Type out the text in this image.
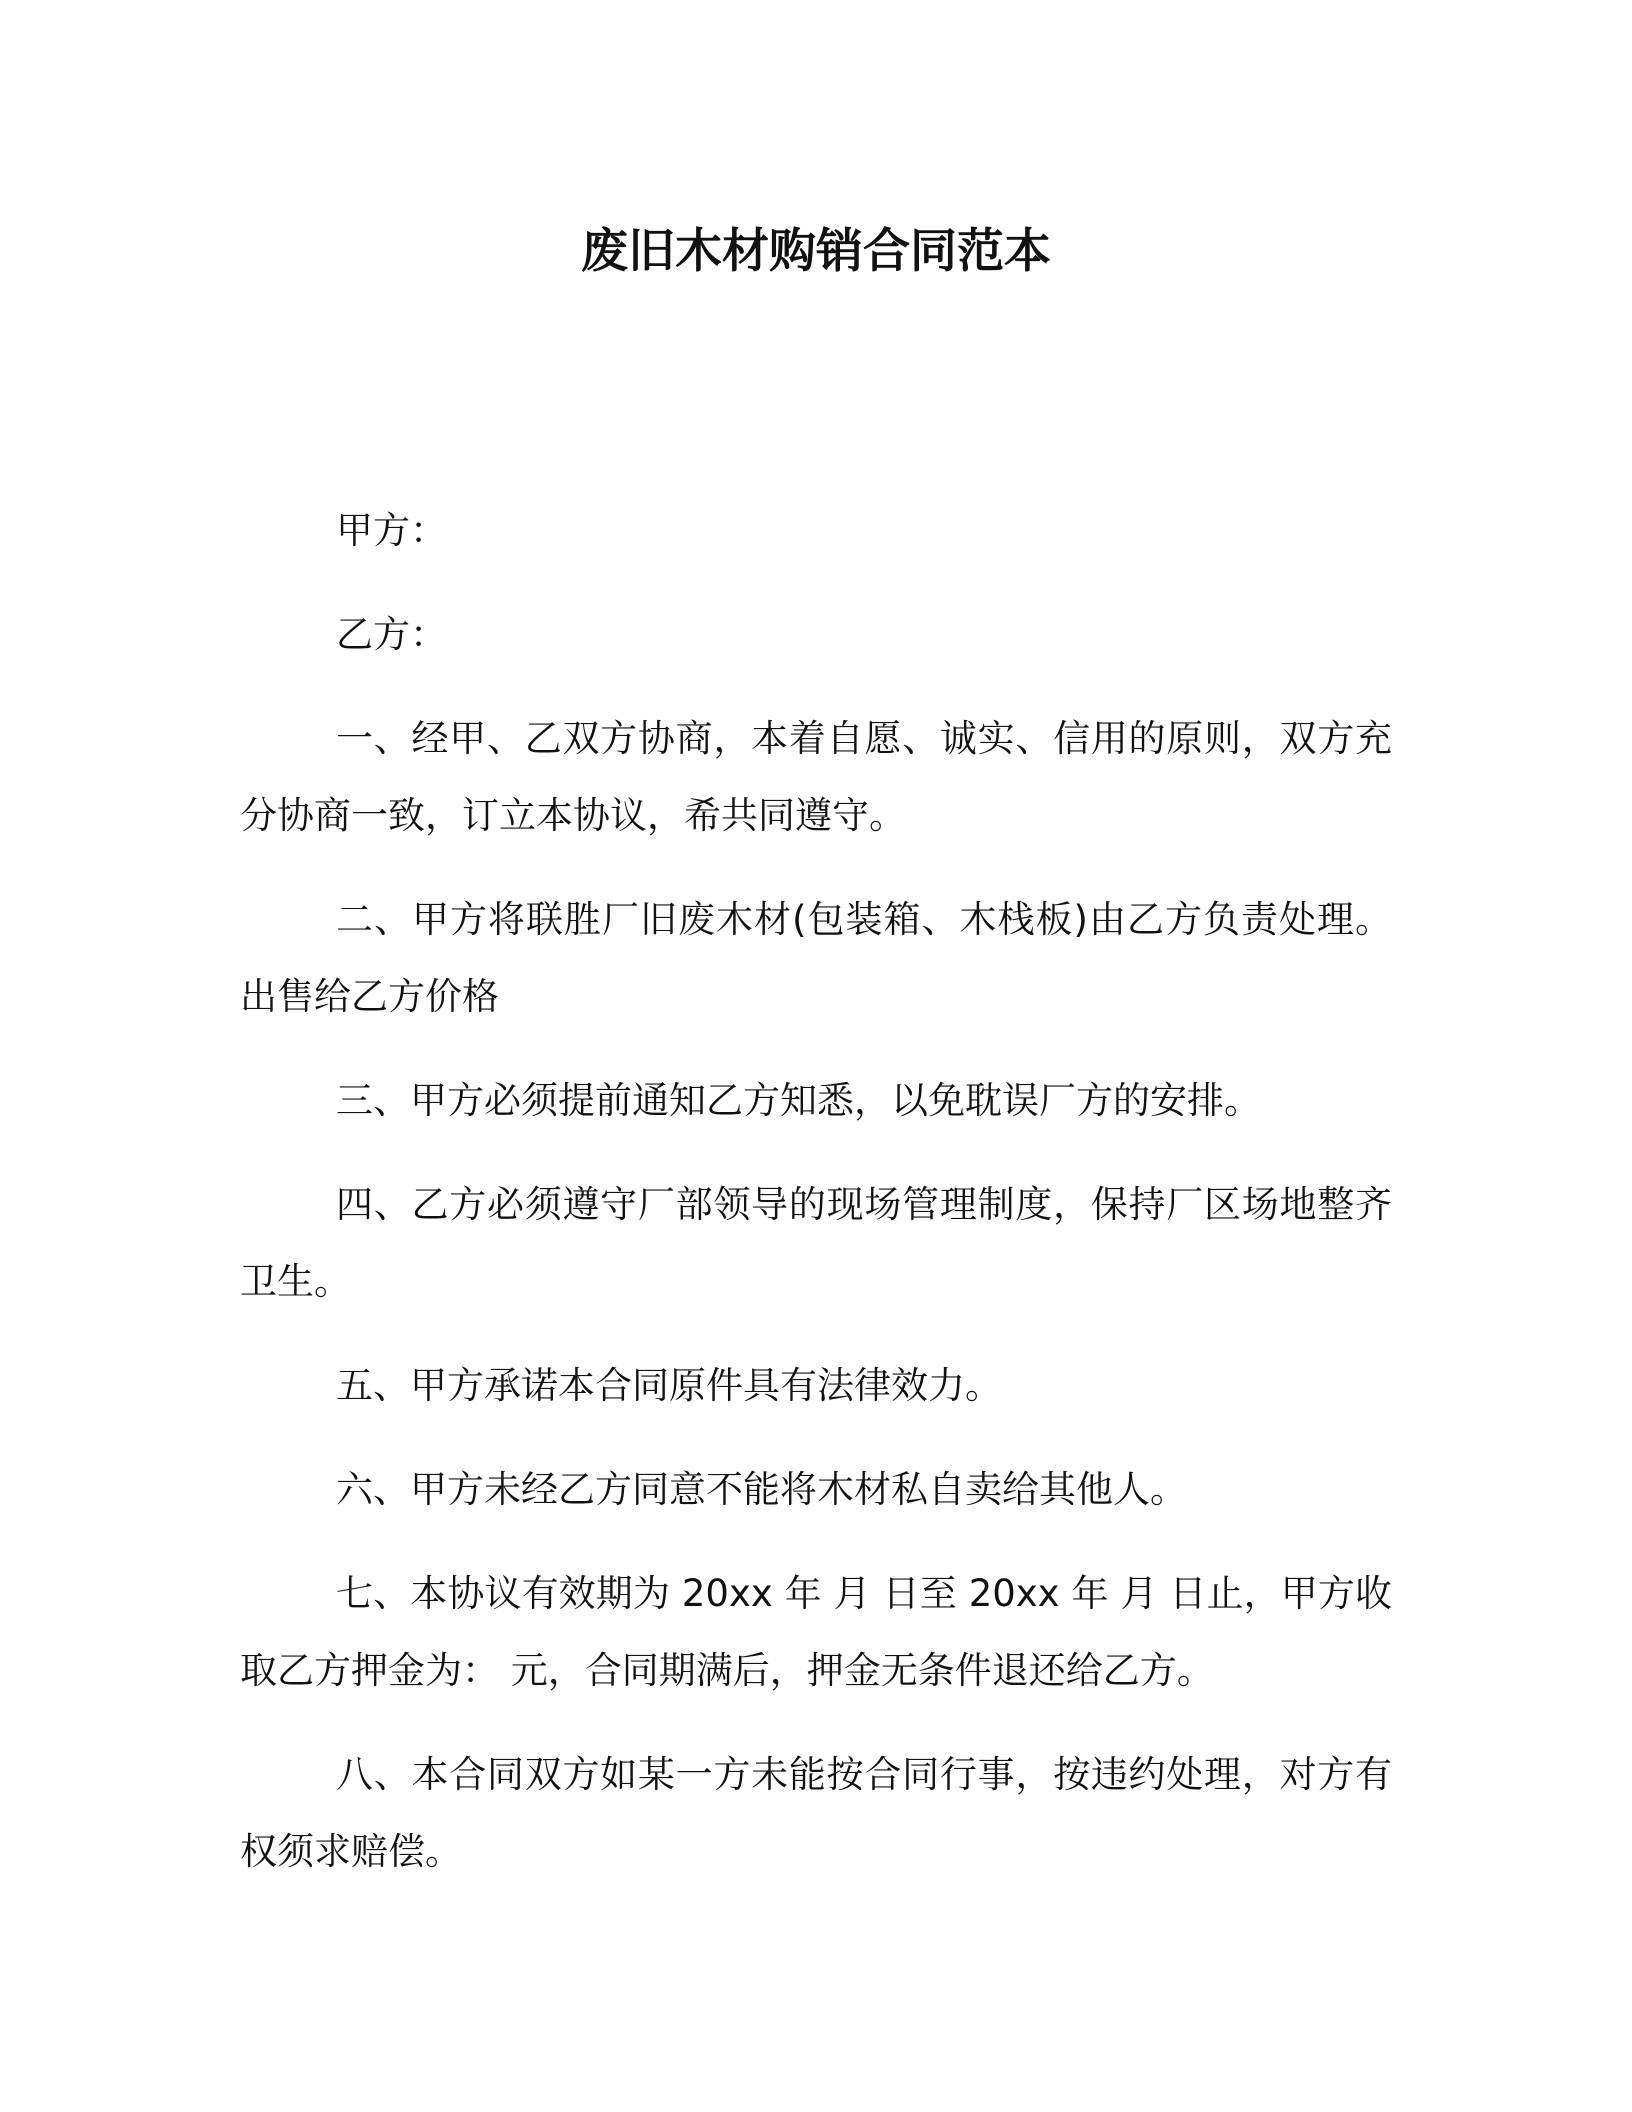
废旧木材购销合同范本

甲方：

乙方：

一、经甲、乙双方协商，本着自愿、诚实、信用的原则，双方充分协商一致，订立本协议，希共同遵守。

二、甲方将联胜厂旧废木材(包装箱、木栈板)由乙方负责处理。出售给乙方价格

三、甲方必须提前通知乙方知悉，以免耽误厂方的安排。

四、乙方必须遵守厂部领导的现场管理制度，保持厂区场地整齐卫生。

五、甲方承诺本合同原件具有法律效力。

六、甲方未经乙方同意不能将木材私自卖给其他人。

七、本协议有效期为 20xx 年 月 日至 20xx 年 月 日止，甲方收取乙方押金为： 元，合同期满后，押金无条件退还给乙方。

八、本合同双方如某一方未能按合同行事，按违约处理，对方有权须求赔偿。
